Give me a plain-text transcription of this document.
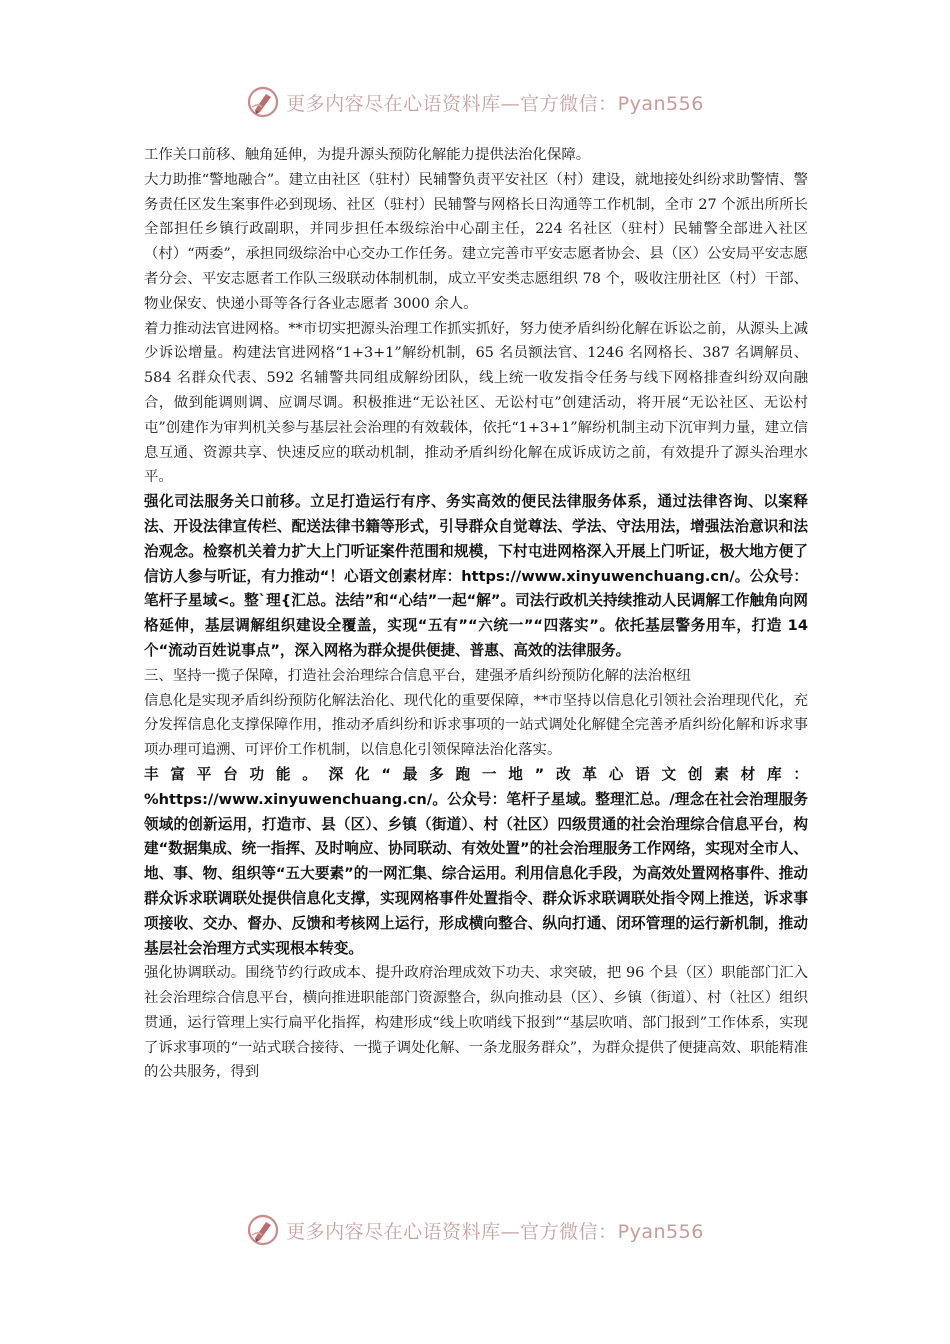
更多内容尽在心语资料库—官方微信：Pyan556

工作关口前移、触角延伸，为提升源头预防化解能力提供法治化保障。

大力助推“警地融合”。建立由社区（驻村）民辅警负责平安社区（村）建设，就地接处纠纷求助警情、警务责任区发生案事件必到现场、社区（驻村）民辅警与网格长日沟通等工作机制，全市 27 个派出所所长全部担任乡镇行政副职，并同步担任本级综治中心副主任，224 名社区（驻村）民辅警全部进入社区（村）“两委”，承担同级综治中心交办工作任务。建立完善市平安志愿者协会、县（区）公安局平安志愿者分会、平安志愿者工作队三级联动体制机制，成立平安类志愿组织 78 个，吸收注册社区（村）干部、物业保安、快递小哥等各行各业志愿者 3000 余人。

着力推动法官进网格。**市切实把源头治理工作抓实抓好，努力使矛盾纠纷化解在诉讼之前，从源头上减少诉讼增量。构建法官进网格“1+3+1”解纷机制，65 名员额法官、1246 名网格长、387 名调解员、584 名群众代表、592 名辅警共同组成解纷团队，线上统一收发指令任务与线下网格排查纠纷双向融合，做到能调则调、应调尽调。积极推进“无讼社区、无讼村屯”创建活动，将开展“无讼社区、无讼村屯”创建作为审判机关参与基层社会治理的有效载体，依托“1+3+1”解纷机制主动下沉审判力量，建立信息互通、资源共享、快速反应的联动机制，推动矛盾纠纷化解在成诉成访之前，有效提升了源头治理水平。

强化司法服务关口前移。立足打造运行有序、务实高效的便民法律服务体系，通过法律咨询、以案释法、开设法律宣传栏、配送法律书籍等形式，引导群众自觉尊法、学法、守法用法，增强法治意识和法治观念。检察机关着力扩大上门听证案件范围和规模，下村屯进网格深入开展上门听证，极大地方便了信访人参与听证，有力推动“！心语文创素材库：https://www.xinyuwenchuang.cn/。公众号：笔杆子星域<。整`理{汇总。法结”和“心结”一起“解”。司法行政机关持续推动人民调解工作触角向网格延伸，基层调解组织建设全覆盖，实现“五有”“六统一”“四落实”。依托基层警务用车，打造 14 个“流动百姓说事点”，深入网格为群众提供便捷、普惠、高效的法律服务。

三、坚持一揽子保障，打造社会治理综合信息平台，建强矛盾纠纷预防化解的法治枢纽

信息化是实现矛盾纠纷预防化解法治化、现代化的重要保障，**市坚持以信息化引领社会治理现代化，充分发挥信息化支撑保障作用，推动矛盾纠纷和诉求事项的一站式调处化解健全完善矛盾纠纷化解和诉求事项办理可追溯、可评价工作机制，以信息化引领保障法治化落实。

丰富平台功能。深化“最多跑一地”改革心语文创素材库：%https://www.xinyuwenchuang.cn/。公众号：笔杆子星域。整理汇总。/理念在社会治理服务领域的创新运用，打造市、县（区）、乡镇（街道）、村（社区）四级贯通的社会治理综合信息平台，构建“数据集成、统一指挥、及时响应、协同联动、有效处置”的社会治理服务工作网络，实现对全市人、地、事、物、组织等“五大要素”的一网汇集、综合运用。利用信息化手段，为高效处置网格事件、推动群众诉求联调联处提供信息化支撑，实现网格事件处置指令、群众诉求联调联处指令网上推送，诉求事项接收、交办、督办、反馈和考核网上运行，形成横向整合、纵向打通、闭环管理的运行新机制，推动基层社会治理方式实现根本转变。

强化协调联动。围绕节约行政成本、提升政府治理成效下功夫、求突破，把 96 个县（区）职能部门汇入社会治理综合信息平台，横向推进职能部门资源整合，纵向推动县（区）、乡镇（街道）、村（社区）组织贯通，运行管理上实行扁平化指挥，构建形成“线上吹哨线下报到”“基层吹哨、部门报到”工作体系，实现了诉求事项的“一站式联合接待、一揽子调处化解、一条龙服务群众”，为群众提供了便捷高效、职能精准的公共服务，得到

更多内容尽在心语资料库—官方微信：Pyan556
